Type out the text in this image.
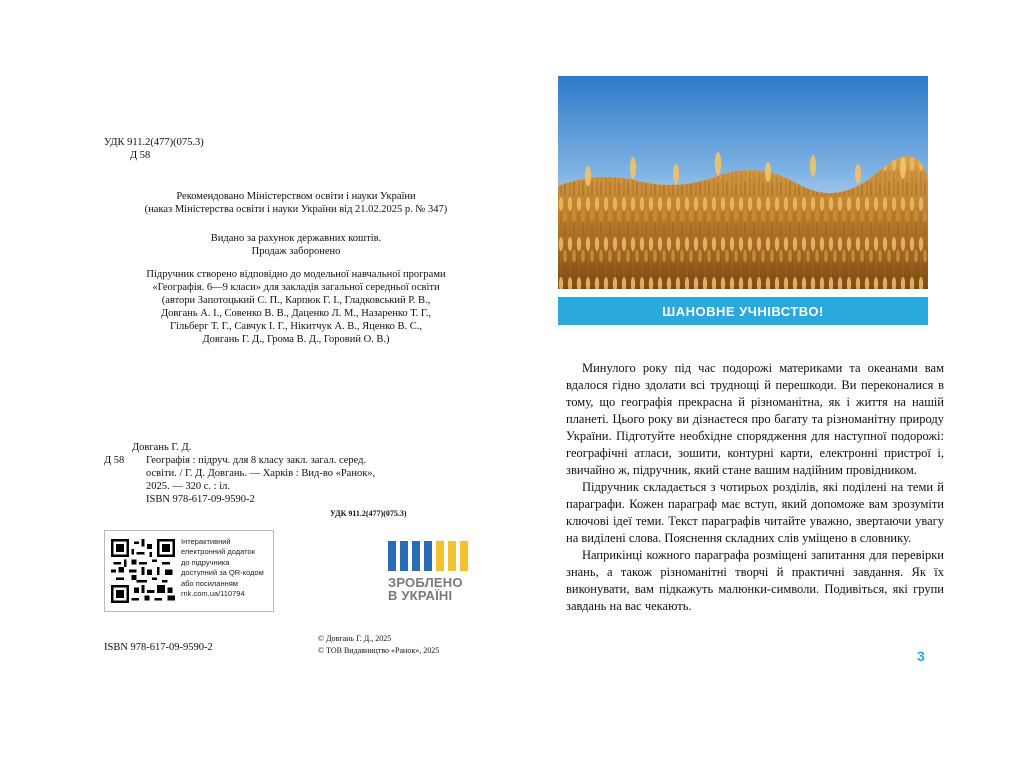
УДК 911.2(477)(075.3)
Д 58
Рекомендовано Міністерством освіти і науки України
(наказ Міністерства освіти і науки України від 21.02.2025 р. № 347)
Видано за рахунок державних коштів.
Продаж заборонено
Підручник створено відповідно до модельної навчальної програми
«Географія. 6—9 класи» для закладів загальної середньої освіти
(автори Запотоцький С. П., Карпюк Г. І., Гладковський Р. В.,
Довгань А. І., Совенко В. В., Даценко Л. М., Назаренко Т. Г.,
Гільберг Т. Г., Савчук І. Г., Нікитчук А. В., Яценко В. С.,
Довгань Г. Д., Грома В. Д., Горовий О. В.)
Довгань Г. Д.
Д 58	Географія : підруч. для 8 класу закл. загал. серед.
освіти. / Г. Д. Довгань. — Харків : Вид-во «Ранок»,
2025. — 320 с. : іл.
ISBN 978-617-09-9590-2
УДК 911.2(477)(075.3)
Інтерактивний
електронний додаток
до підручника
доступний за QR-кодом
або посиланням
rnk.com.ua/110794
ЗРОБЛЕНО
В УКРАЇНІ
ISBN 978-617-09-9590-2
© Довгань Г. Д., 2025
© ТОВ Видавництво «Ранок», 2025
ШАНОВНЕ УЧНІВСТВО!

Минулого року під час подорожі материками та океанами вам вдалося гідно здолати всі труднощі й перешкоди. Ви переконалися в тому, що географія прекрасна й різноманітна, як і життя на нашій планеті. Цього року ви дізнаєтеся про багату та різноманітну природу України. Підготуйте необхідне спорядження для наступної подорожі: географічні атласи, зошити, контурні карти, електронні пристрої і, звичайно ж, підручник, який стане вашим надійним провідником.

Підручник складається з чотирьох розділів, які поділені на теми й параграфи. Кожен параграф має вступ, який допоможе вам зрозуміти ключові ідеї теми. Текст параграфів читайте уважно, звертаючи увагу на виділені слова. Пояснення складних слів уміщено в словнику.

Наприкінці кожного параграфа розміщені запитання для перевірки знань, а також різноманітні творчі й практичні завдання. Як їх виконувати, вам підкажуть малюнки-символи. Подивіться, які групи завдань на вас чекають.

3
